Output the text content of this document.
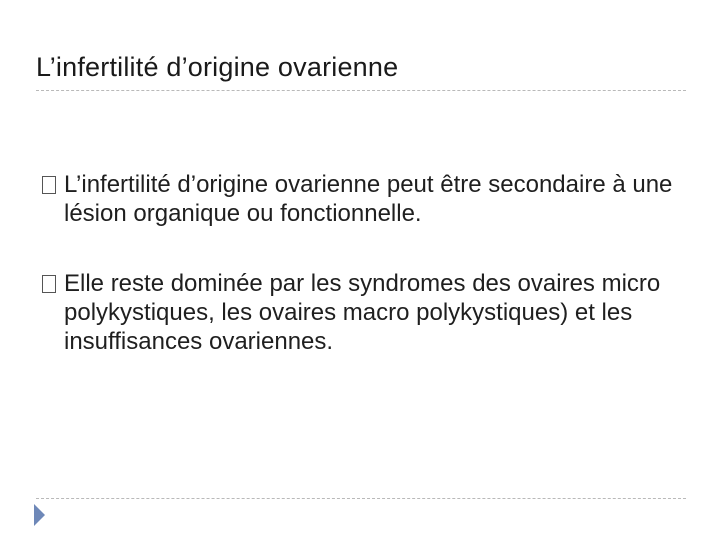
L’infertilité d’origine ovarienne
L’infertilité d’origine ovarienne peut être secondaire à une lésion organique ou fonctionnelle.
Elle reste dominée par les syndromes des ovaires micro polykystiques, les ovaires macro polykystiques) et les insuffisances ovariennes.
